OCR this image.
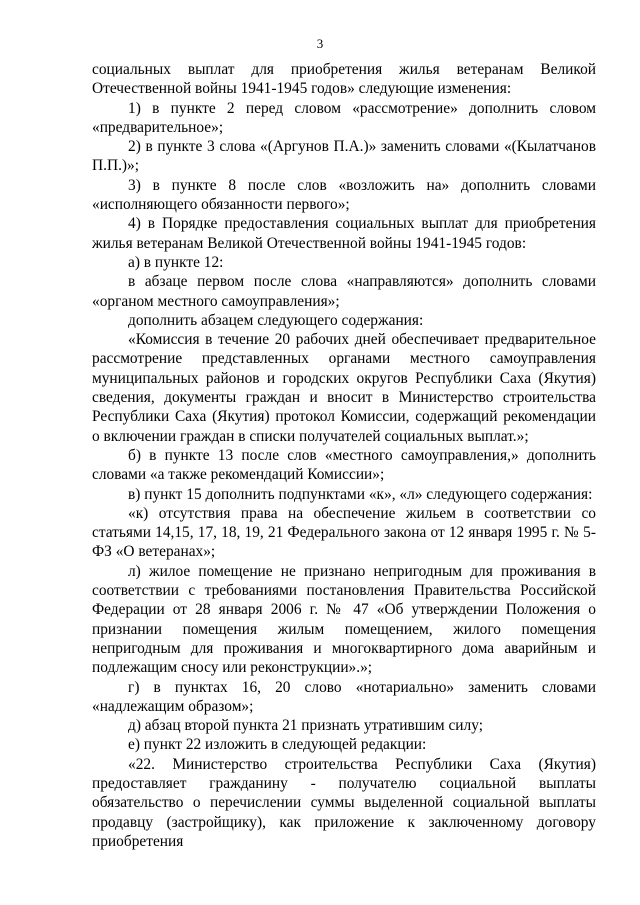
3

социальных выплат для приобретения жилья ветеранам Великой Отечественной войны 1941-1945 годов» следующие изменения:

1) в пункте 2 перед словом «рассмотрение» дополнить словом «предварительное»;

2) в пункте 3 слова «(Аргунов П.А.)» заменить словами «(Кылатчанов П.П.)»;

3) в пункте 8 после слов «возложить на» дополнить словами «исполняющего обязанности первого»;

4) в Порядке предоставления социальных выплат для приобретения жилья ветеранам Великой Отечественной войны 1941-1945 годов:

а) в пункте 12:

в абзаце первом после слова «направляются» дополнить словами «органом местного самоуправления»;

дополнить абзацем следующего содержания:

«Комиссия в течение 20 рабочих дней обеспечивает предварительное рассмотрение представленных органами местного самоуправления муниципальных районов и городских округов Республики Саха (Якутия) сведения, документы граждан и вносит в Министерство строительства Республики Саха (Якутия) протокол Комиссии, содержащий рекомендации о включении граждан в списки получателей социальных выплат.»;

б) в пункте 13 после слов «местного самоуправления,» дополнить словами «а также рекомендаций Комиссии»;

в) пункт 15 дополнить подпунктами «к», «л» следующего содержания:

«к) отсутствия права на обеспечение жильем в соответствии со статьями 14,15, 17, 18, 19, 21 Федерального закона от 12 января 1995 г. № 5-ФЗ «О ветеранах»;

л) жилое помещение не признано непригодным для проживания в соответствии с требованиями постановления Правительства Российской Федерации от 28 января 2006 г. № 47 «Об утверждении Положения о признании помещения жилым помещением, жилого помещения непригодным для проживания и многоквартирного дома аварийным и подлежащим сносу или реконструкции».»;

г) в пунктах 16, 20 слово «нотариально» заменить словами «надлежащим образом»;

д) абзац второй пункта 21 признать утратившим силу;

е) пункт 22 изложить в следующей редакции:

«22. Министерство строительства Республики Саха (Якутия) предоставляет гражданину - получателю социальной выплаты обязательство о перечислении суммы выделенной социальной выплаты продавцу (застройщику), как приложение к заключенному договору приобретения
